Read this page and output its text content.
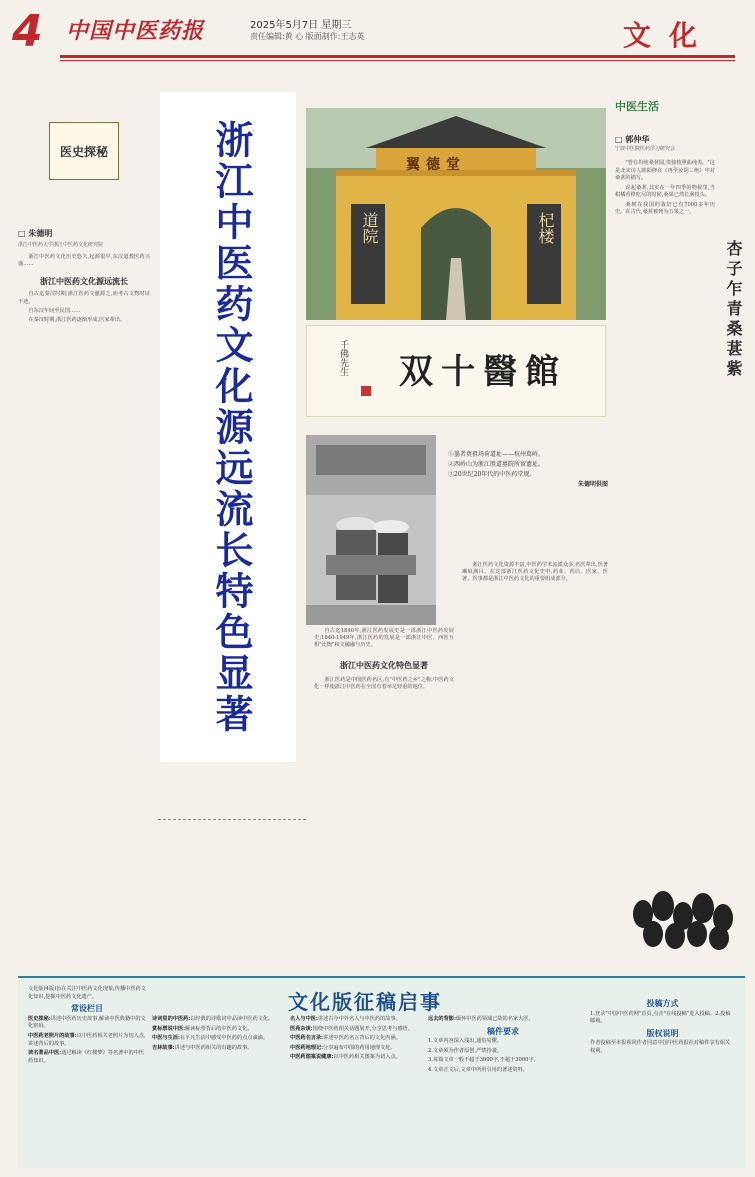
4	中国中医药报	2025年5月7日 星期三
责任编辑:黄 心 版面制作:王志英	文化
医史探秘
□ 朱德明
浙江中医药大学浙江中医药文化研究院

浙江中医药文化历史悠久,起源很早,东汉道教医药兴盛……

浙江中医药文化源远流长

自古迄秦汉时期,浙江医药文献源之,而考古文物时证不迹。

自东汉年间至民国……

在秦汉时期,浙江医药逐渐形成,医家辈出。	浙江中医药文化源远流长特色显著	翼德堂
道院	杞楼
千佛先生 双十醫館

①墨者奠祖场荷道址——杭州葛岭。

②西岭山为浙江胜道墓院所留遗址。

③20世纪20年代的中医药堂规。

朱德明供图

自古迄1840年,浙江医药发展史是一部浙江中医药发展史;1840-1949年,浙江医药的发展是一部浙江中医、西医互相"比衡"和交融融与历史。

浙江中医药文化特色显著

浙江医药是中国医药名区,有"中医药之乡"之称;中医药文化一样使浙江中医药在全国有着举足轻重的地位。

浙江医药文化资源丰富,中医药学术流派众多,名医辈出,医著琳琅满目。在这部浙江医药文化史中,药业、药店、医家、医著、医事都是浙江中医药文化的重要组成部分。

中医生活
□ 郭仲华
宁波中医院医药学习研究会
杏子乍青桑葚紫

"曾有坞纯桑葚圆,贵独枝照曲纯夷。"这是北宋诗人欧阳修在《再至汝阴三绝》中对桑葚的描写。

说起桑葚,其实在一年四季的物候里,当柑橘香橙吃尽的时候,桑果已然长满枝头。

桑树在我国的栽培已有7000多年历史。在古代,桑葚被列为五果之一。

文化版征稿启事

文化版(4版)旨在关注中医药文化现象,传播中医药文化知识,挖掘中医药文化遗产。

常设栏目

医史探秘:讲述中医药历史故事,解读中医典籍中的文化密码。

中医药老照片的故事:以中医药相关老照片为切入点,讲述背后的故事。

读名著品中医:通过解读《红楼梦》等名著中的中医药知识。

诗词里的中医药:以经典的诗歌词中品读中医药文化。

赏标票说中医:解读标票背后的中医药文化。

中医与生活:在平凡生活中感受中医药的点点滴滴。

吉林故事:讲述与中医药相关的有趣的故事。

名人与中医:讲述古今中外名人与中医药的故事。

医苑杂谈:围绕中医药相关话题展开,分享思考与感悟。

中医药名言录:讲述中医药名言背后的文化内涵。

中医药地理记:分享遍布中国的药用地理文化。

中医药图案说健康:以中医药相关图案为切入点。

远去的背影:缅怀中医药领域已故的名家大医。

稿件要求

1.文章内容深入浅出,通俗易懂。

2.文章须为作者原创,严禁抄袭。

3.每篇文章一般不超于3000字,不超于3000字。

4.文章正文后,文章中所用引用的著述资料。

投稿方式

1.登录"中国中医药网"首页,点击"在线投稿"进入投稿。2.投稿邮箱。

版权说明

作者投稿至本报视同作者同意中国中医药报社对稿件享有相关权利。
